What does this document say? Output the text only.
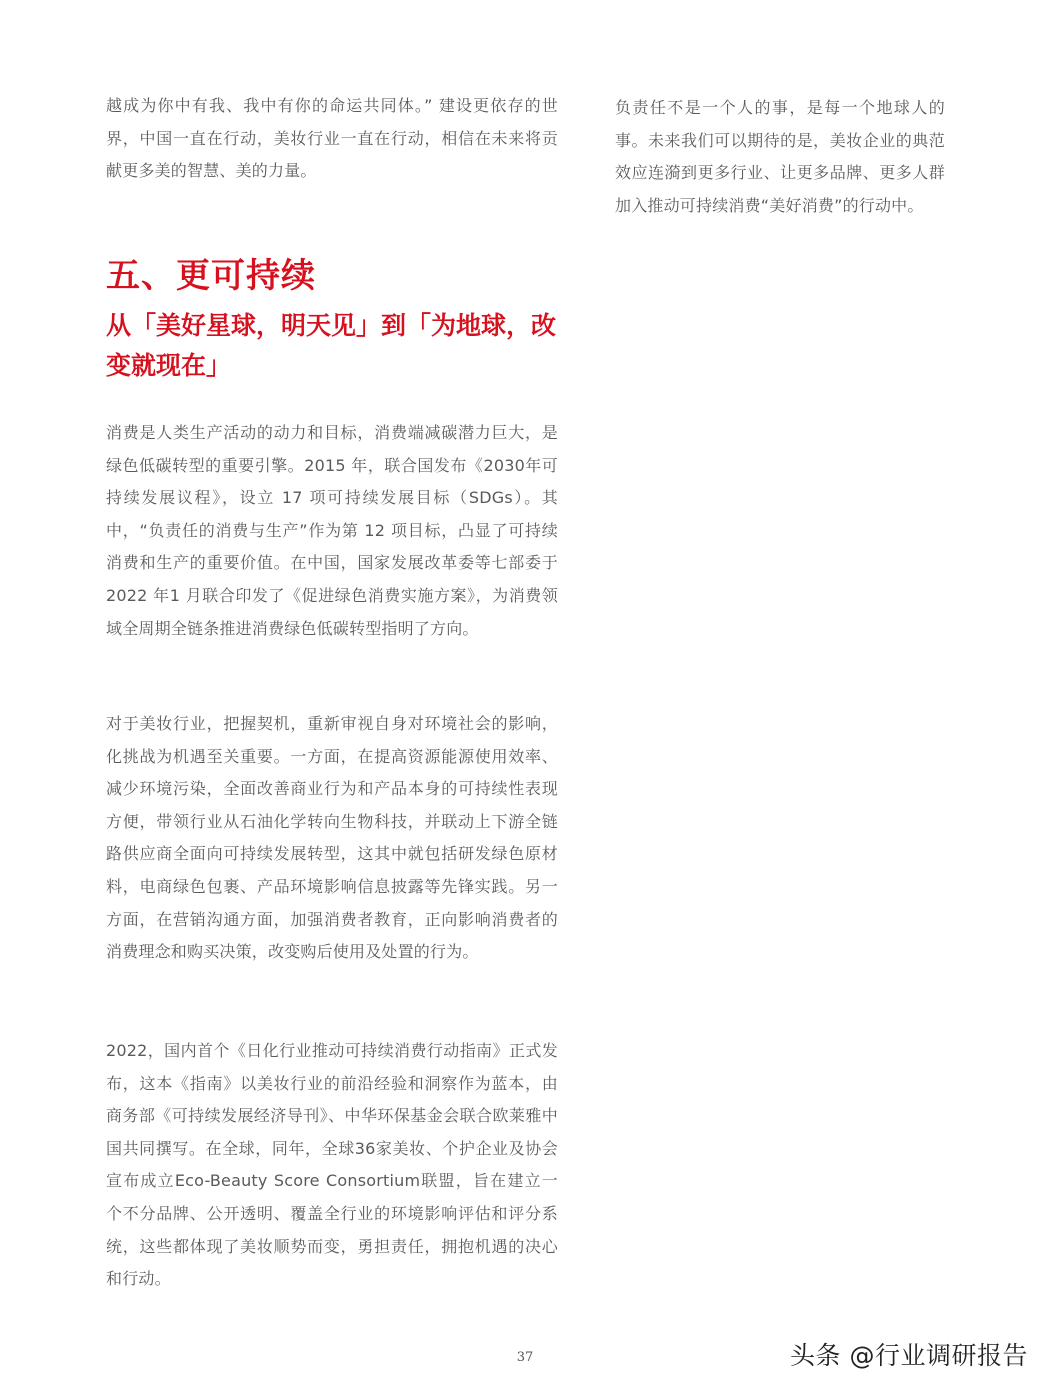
越成为你中有我、我中有你的命运共同体。” 建设更依存的世界，中国一直在行动，美妆行业一直在行动，相信在未来将贡献更多美的智慧、美的力量。

五、更可持续
从「美好星球，明天见」到「为地球，改变就现在」

消费是人类生产活动的动力和目标，消费端减碳潜力巨大，是绿色低碳转型的重要引擎。2015 年，联合国发布《2030年可持续发展议程》，设立 17 项可持续发展目标（SDGs）。其中，“负责任的消费与生产”作为第 12 项目标，凸显了可持续消费和生产的重要价值。在中国，国家发展改革委等七部委于 2022 年1 月联合印发了《促进绿色消费实施方案》，为消费领域全周期全链条推进消费绿色低碳转型指明了方向。

对于美妆行业，把握契机，重新审视自身对环境社会的影响，化挑战为机遇至关重要。一方面，在提高资源能源使用效率、减少环境污染，全面改善商业行为和产品本身的可持续性表现方便，带领行业从石油化学转向生物科技，并联动上下游全链路供应商全面向可持续发展转型，这其中就包括研发绿色原材料，电商绿色包裹、产品环境影响信息披露等先锋实践。另一方面，在营销沟通方面，加强消费者教育，正向影响消费者的消费理念和购买决策，改变购后使用及处置的行为。

2022，国内首个《日化行业推动可持续消费行动指南》正式发布，这本《指南》以美妆行业的前沿经验和洞察作为蓝本，由商务部《可持续发展经济导刊》、中华环保基金会联合欧莱雅中国共同撰写。在全球，同年，全球36家美妆、个护企业及协会宣布成立Eco-Beauty Score Consortium联盟，旨在建立一个不分品牌、公开透明、覆盖全行业的环境影响评估和评分系统，这些都体现了美妆顺势而变，勇担责任，拥抱机遇的决心和行动。

负责任不是一个人的事，是每一个地球人的事。未来我们可以期待的是，美妆企业的典范效应连漪到更多行业、让更多品牌、更多人群加入推动可持续消费“美好消费”的行动中。

37	头条 @行业调研报告
